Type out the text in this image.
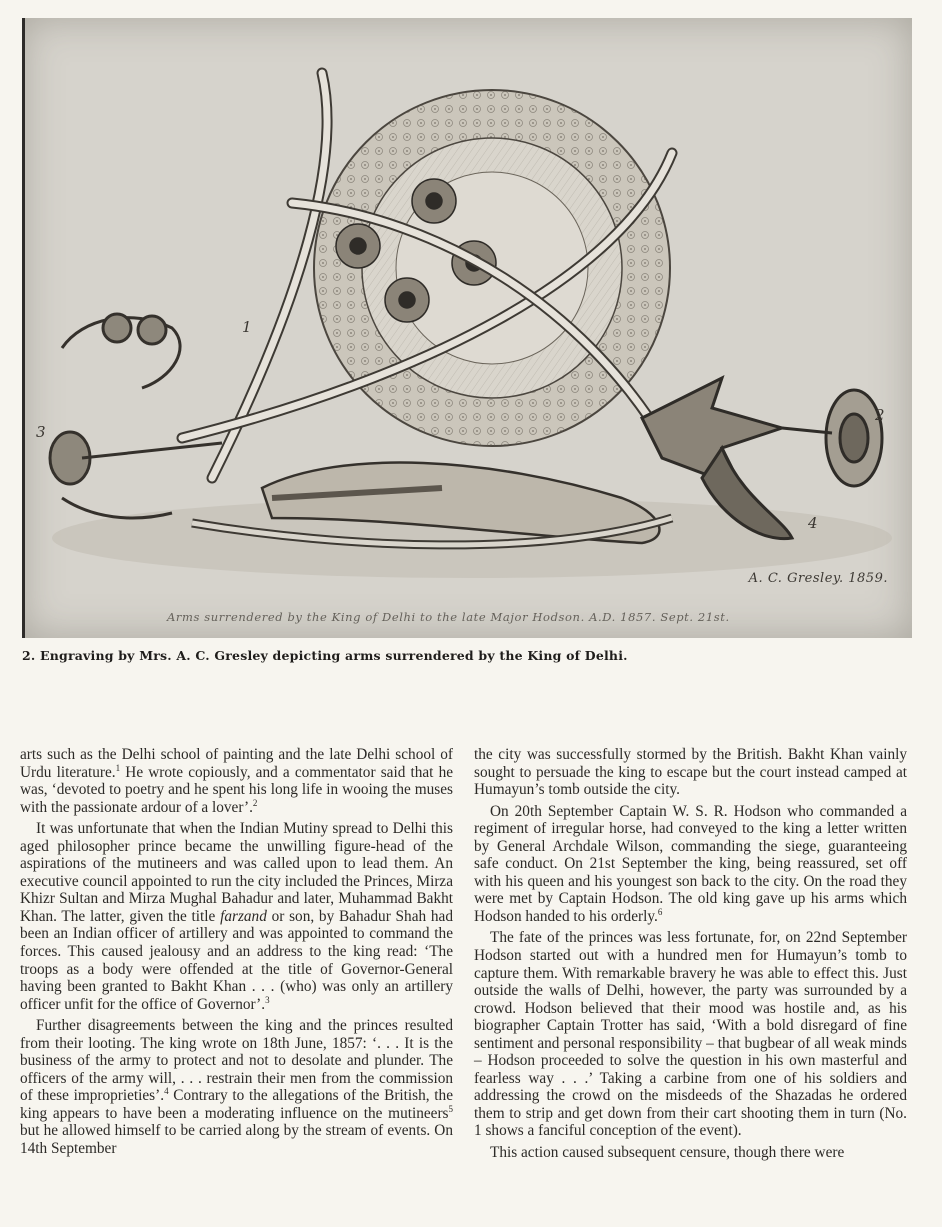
1
2
3
4
A. C. Gresley. 1859.
Arms surrendered by the King of Delhi to the late Major Hodson. A.D. 1857. Sept. 21st.
2. Engraving by Mrs. A. C. Gresley depicting arms surrendered by the King of Delhi.

arts such as the Delhi school of painting and the late Delhi school of Urdu literature.$^1$ He wrote copiously, and a commentator said that he was, ‘devoted to poetry and he spent his long life in wooing the muses with the passionate ardour of a lover’.$^2$

It was unfortunate that when the Indian Mutiny spread to Delhi this aged philosopher prince became the unwilling figure-head of the aspirations of the mutineers and was called upon to lead them. An executive council appointed to run the city included the Princes, Mirza Khizr Sultan and Mirza Mughal Bahadur and later, Muhammad Bakht Khan. The latter, given the title farzand or son, by Bahadur Shah had been an Indian officer of artillery and was appointed to command the forces. This caused jealousy and an address to the king read: ‘The troops as a body were offended at the title of Governor-General having been granted to Bakht Khan . . . (who) was only an artillery officer unfit for the office of Governor’.$^3$

Further disagreements between the king and the princes resulted from their looting. The king wrote on 18th June, 1857: ‘. . . It is the business of the army to protect and not to desolate and plunder. The officers of the army will, . . . restrain their men from the commission of these improprieties’.$^4$ Contrary to the allegations of the British, the king appears to have been a moderating influence on the mutineers$^5$ but he allowed himself to be carried along by the stream of events. On 14th September

the city was successfully stormed by the British. Bakht Khan vainly sought to persuade the king to escape but the court instead camped at Humayun’s tomb outside the city.

On 20th September Captain W. S. R. Hodson who commanded a regiment of irregular horse, had conveyed to the king a letter written by General Archdale Wilson, commanding the siege, guaranteeing safe conduct. On 21st September the king, being reassured, set off with his queen and his youngest son back to the city. On the road they were met by Captain Hodson. The old king gave up his arms which Hodson handed to his orderly.$^6$

The fate of the princes was less fortunate, for, on 22nd September Hodson started out with a hundred men for Humayun’s tomb to capture them. With remarkable bravery he was able to effect this. Just outside the walls of Delhi, however, the party was surrounded by a crowd. Hodson believed that their mood was hostile and, as his biographer Captain Trotter has said, ‘With a bold disregard of fine sentiment and personal responsibility – that bugbear of all weak minds – Hodson proceeded to solve the question in his own masterful and fearless way . . .’ Taking a carbine from one of his soldiers and addressing the crowd on the misdeeds of the Shazadas he ordered them to strip and get down from their cart shooting them in turn (No. 1 shows a fanciful conception of the event).

This action caused subsequent censure, though there were
